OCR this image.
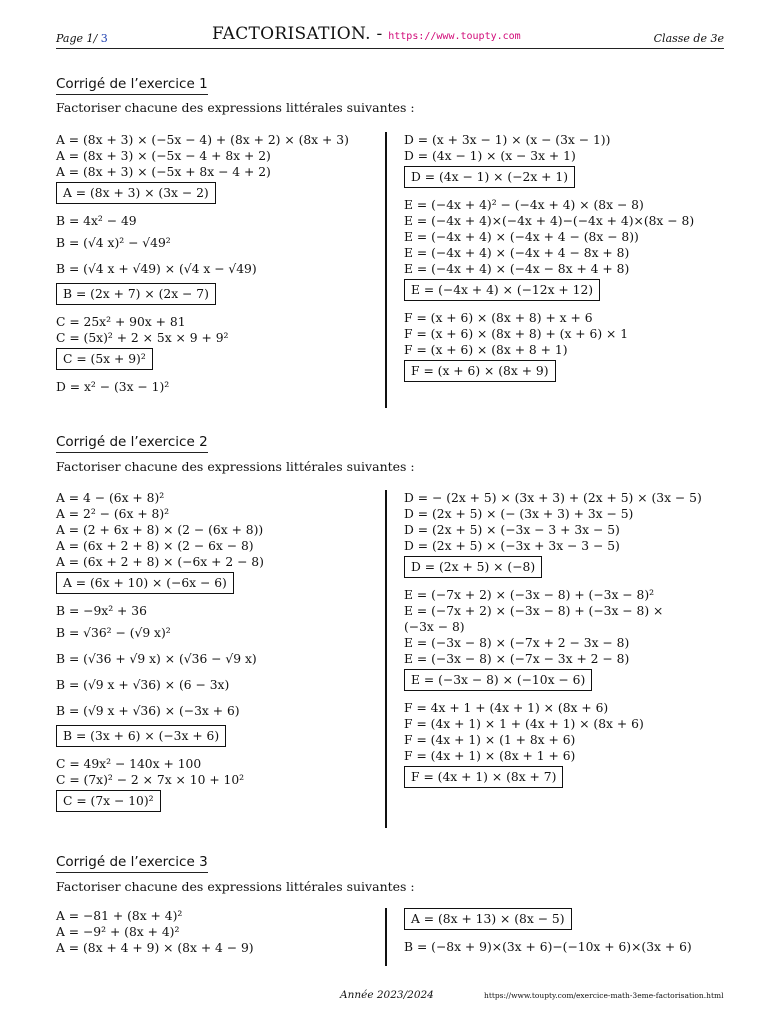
Page 1/ 3	FACTORISATION. - https://www.toupty.com	Classe de 3e
Corrigé de l’exercice 1
Factoriser chacune des expressions littérales suivantes :
A = (8x + 3) × (−5x − 4) + (8x + 2) × (8x + 3)
A = (8x + 3) × (−5x − 4 + 8x + 2)
A = (8x + 3) × (−5x + 8x − 4 + 2)
A = (8x + 3) × (3x − 2)
B = 4x² − 49
B = (√4 x)² − √49²
B = (√4 x + √49) × (√4 x − √49)
B = (2x + 7) × (2x − 7)
C = 25x² + 90x + 81
C = (5x)² + 2 × 5x × 9 + 9²
C = (5x + 9)²
D = x² − (3x − 1)²
D = (x + 3x − 1) × (x − (3x − 1))
D = (4x − 1) × (x − 3x + 1)
D = (4x − 1) × (−2x + 1)
E = (−4x + 4)² − (−4x + 4) × (8x − 8)
E = (−4x + 4)×(−4x + 4)−(−4x + 4)×(8x − 8)
E = (−4x + 4) × (−4x + 4 − (8x − 8))
E = (−4x + 4) × (−4x + 4 − 8x + 8)
E = (−4x + 4) × (−4x − 8x + 4 + 8)
E = (−4x + 4) × (−12x + 12)
F = (x + 6) × (8x + 8) + x + 6
F = (x + 6) × (8x + 8) + (x + 6) × 1
F = (x + 6) × (8x + 8 + 1)
F = (x + 6) × (8x + 9)
Corrigé de l’exercice 2
Factoriser chacune des expressions littérales suivantes :
A = 4 − (6x + 8)²
A = 2² − (6x + 8)²
A = (2 + 6x + 8) × (2 − (6x + 8))
A = (6x + 2 + 8) × (2 − 6x − 8)
A = (6x + 2 + 8) × (−6x + 2 − 8)
A = (6x + 10) × (−6x − 6)
B = −9x² + 36
B = √36² − (√9 x)²
B = (√36 + √9 x) × (√36 − √9 x)
B = (√9 x + √36) × (6 − 3x)
B = (√9 x + √36) × (−3x + 6)
B = (3x + 6) × (−3x + 6)
C = 49x² − 140x + 100
C = (7x)² − 2 × 7x × 10 + 10²
C = (7x − 10)²
D = − (2x + 5) × (3x + 3) + (2x + 5) × (3x − 5)
D = (2x + 5) × (− (3x + 3) + 3x − 5)
D = (2x + 5) × (−3x − 3 + 3x − 5)
D = (2x + 5) × (−3x + 3x − 3 − 5)
D = (2x + 5) × (−8)
E = (−7x + 2) × (−3x − 8) + (−3x − 8)²
E = (−7x + 2) × (−3x − 8) + (−3x − 8) ×
(−3x − 8)
E = (−3x − 8) × (−7x + 2 − 3x − 8)
E = (−3x − 8) × (−7x − 3x + 2 − 8)
E = (−3x − 8) × (−10x − 6)
F = 4x + 1 + (4x + 1) × (8x + 6)
F = (4x + 1) × 1 + (4x + 1) × (8x + 6)
F = (4x + 1) × (1 + 8x + 6)
F = (4x + 1) × (8x + 1 + 6)
F = (4x + 1) × (8x + 7)
Corrigé de l’exercice 3
Factoriser chacune des expressions littérales suivantes :
A = −81 + (8x + 4)²
A = −9² + (8x + 4)²
A = (8x + 4 + 9) × (8x + 4 − 9)
A = (8x + 13) × (8x − 5)
B = (−8x + 9)×(3x + 6)−(−10x + 6)×(3x + 6)
Année 2023/2024	https://www.toupty.com/exercice-math-3eme-factorisation.html
